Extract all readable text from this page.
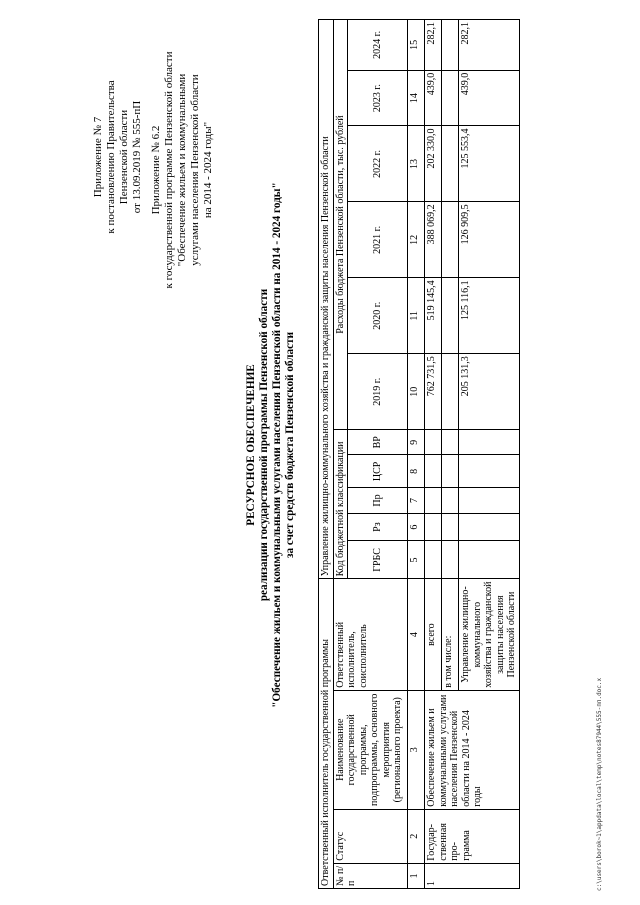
Приложение № 7 к постановлению Правительства Пензенской области от 13.09.2019 № 555-пП Приложение № 6.2 к государственной программе Пензенской области "Обеспечение жильем и коммунальными услугами населения Пензенской области на 2014 - 2024 годы"
РЕСУРСНОЕ ОБЕСПЕЧЕНИЕ реализации государственной программы Пензенской области "Обеспечение жильем и коммунальными услугами населения Пензенской области на 2014 - 2024 годы" за счет средств бюджета Пензенской области
Ответственный исполнитель государственной программы				Управление жилищно-коммунального хозяйства и гражданской защиты населения Пензенской области										
№ п/п	Статус	Наименование государственной программы, подпрограммы, основного мероприятия (регионального проекта)	Ответственный исполнитель, соисполнитель	Код бюджетной классификации					Расходы бюджета Пензенской области, тыс. рублей					
				ГРБС	Рз	Пр	ЦСР	ВР	2019 г.	2020 г.	2021 г.	2022 г.	2023 г.	2024 г.
1	2	3	4	5	6	7	8	9	10	11	12	13	14	15
1	Государ-ственная про-грамма	Обеспечение жильем и коммунальными услугами населения Пензенской области на 2014 - 2024 годы	всего						762 731,5	519 145,4	388 069,2	202 330,0	439,0	282,1
			в том числе:											
			Управление жилищно-коммунального хозяйства и гражданской защиты населения Пензенской области						205 131,3	125 116,1	126 909,5	125 553,4	439,0	282,1
c:\users\borok~1\appdata\local\temp\notes87944\555-пп.doc.x
